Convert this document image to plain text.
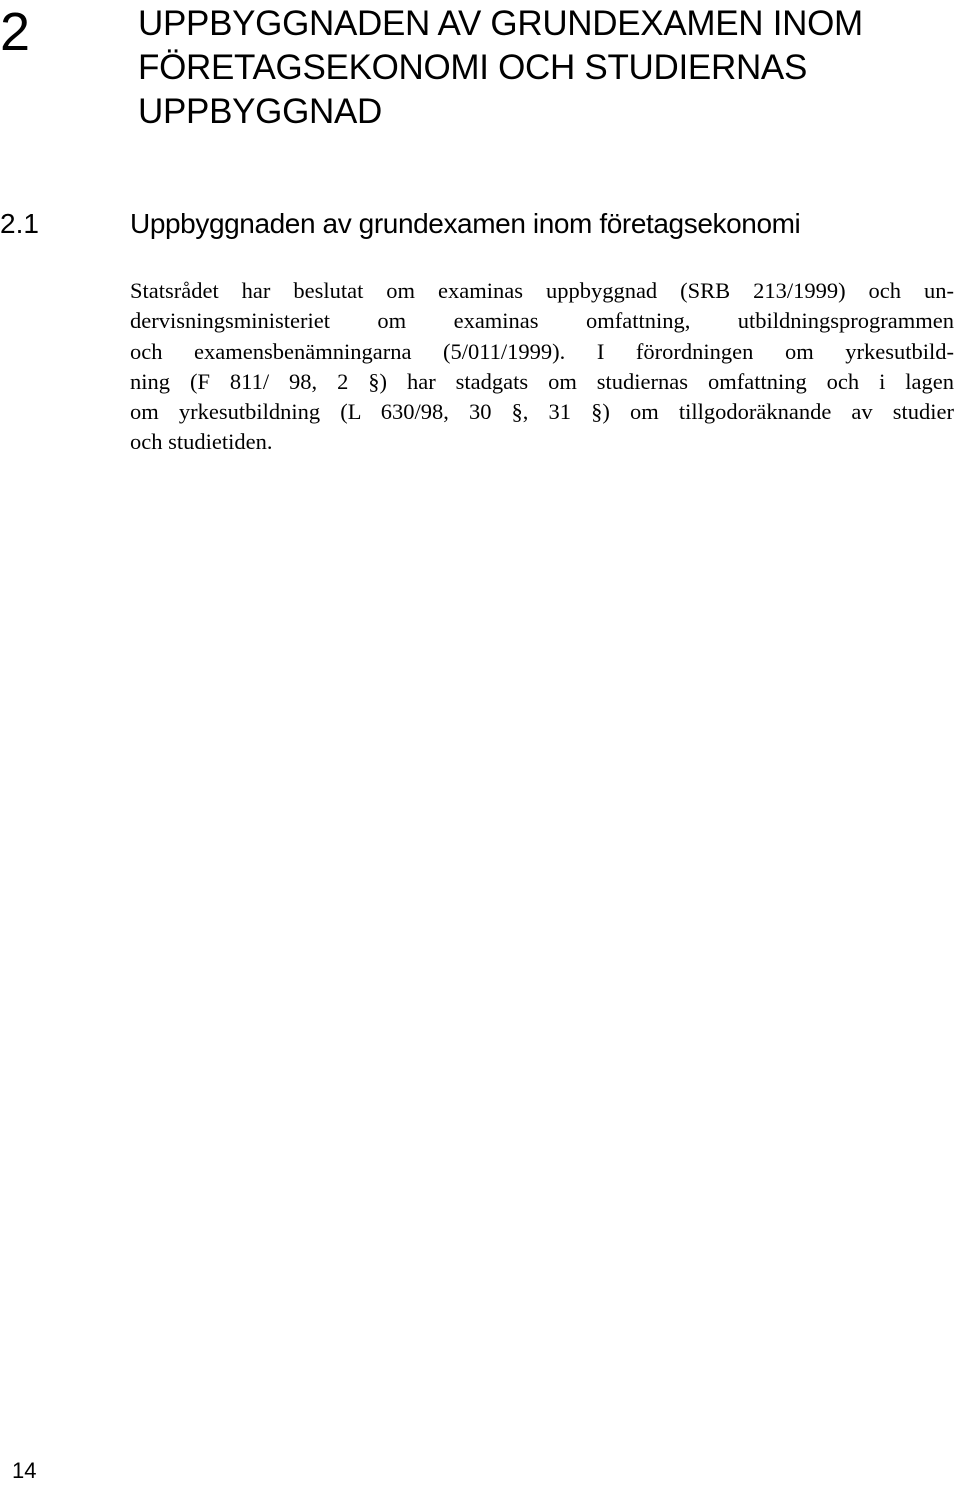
2	UPPBYGGNADEN AV GRUNDEXAMEN INOM
FÖRETAGSEKONOMI OCH STUDIERNAS
UPPBYGGNAD
2.1	Uppbyggnaden av grundexamen inom företagsekonomi
Statsrådet har beslutat om examinas uppbyggnad (SRB 213/1999) och un-
dervisningsministeriet om examinas omfattning, utbildningsprogrammen
och examensbenämningarna (5/011/1999). I förordningen om yrkesutbild-
ning (F 811/ 98, 2 §) har stadgats om studiernas omfattning och i lagen
om yrkesutbildning (L 630/98, 30 §, 31 §) om tillgodoräknande av studier
och studietiden.
14
